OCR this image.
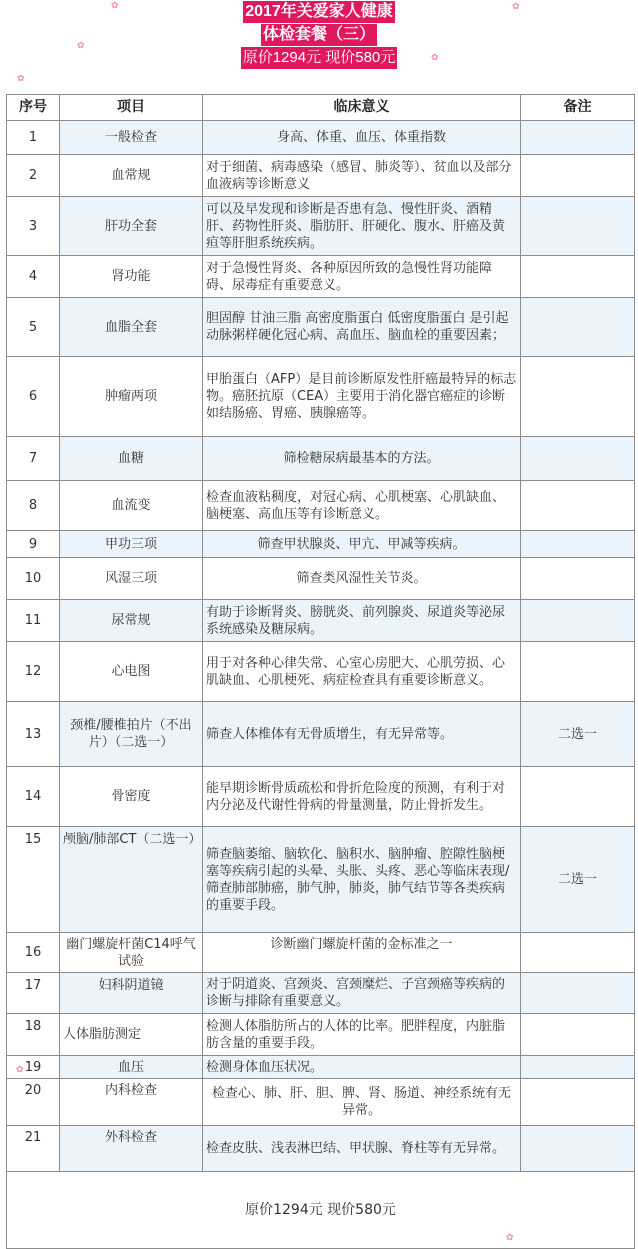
2017年关爱家人健康
体检套餐（三）
原价1294元 现价580元
✿	✿
✿
✿
✿
✿
✿
序号	项目	临床意义	备注
1	一般检查	身高、体重、血压、体重指数	
2	血常规	对于细菌、病毒感染（感冒、肺炎等）、贫血以及部分血液病等诊断意义	
3	肝功全套	可以及早发现和诊断是否患有急、慢性肝炎、酒精肝、药物性肝炎、脂肪肝、肝硬化、腹水、肝癌及黄疸等肝胆系统疾病。	
4	肾功能	对于急慢性肾炎、各种原因所致的急慢性肾功能障碍、尿毒症有重要意义。	
5	血脂全套	胆固醇 甘油三脂 高密度脂蛋白 低密度脂蛋白 是引起动脉粥样硬化冠心病、高血压、脑血栓的重要因素；	
6	肿瘤两项	甲胎蛋白（AFP）是目前诊断原发性肝癌最特异的标志物。癌胚抗原（CEA）主要用于消化器官癌症的诊断如结肠癌、胃癌、胰腺癌等。	
7	血糖	筛检糖尿病最基本的方法。	
8	血流变	检查血液粘稠度，对冠心病、心肌梗塞、心肌缺血、脑梗塞、高血压等有诊断意义。	
9	甲功三项	筛查甲状腺炎、甲亢、甲减等疾病。	
10	风湿三项	筛查类风湿性关节炎。	
11	尿常规	有助于诊断肾炎、膀胱炎、前列腺炎、尿道炎等泌尿系统感染及糖尿病。	
12	心电图	用于对各种心律失常、心室心房肥大、心肌劳损、心肌缺血、心肌梗死、病症检查具有重要诊断意义。	
13	颈椎/腰椎拍片（不出片）（二选一）	筛查人体椎体有无骨质增生，有无异常等。	二选一
14	骨密度	能早期诊断骨质疏松和骨折危险度的预测，有利于对内分泌及代谢性骨病的骨量测量，防止骨折发生。	
15	颅脑/肺部CT（二选一）	筛查脑萎缩、脑软化、脑积水、脑肿瘤、腔隙性脑梗塞等疾病引起的头晕、头胀、头疼、恶心等临床表现/筛查肺部肺癌，肺气肿，肺炎，肺气结节等各类疾病的重要手段。	二选一
16	幽门螺旋杆菌C14呼气试验	诊断幽门螺旋杆菌的金标准之一	
17	妇科阴道镜	对于阴道炎、宫颈炎、宫颈糜烂、子宫颈癌等疾病的诊断与排除有重要意义。	
18	人体脂肪测定	检测人体脂肪所占的人体的比率。肥胖程度，内脏脂肪含量的重要手段。	
19	血压	检测身体血压状况。	
20	内科检查	检查心、肺、肝、胆、脾、肾、肠道、神经系统有无异常。	
21	外科检查	检查皮肤、浅表淋巴结、甲状腺、脊柱等有无异常。	
原价1294元 现价580元			
